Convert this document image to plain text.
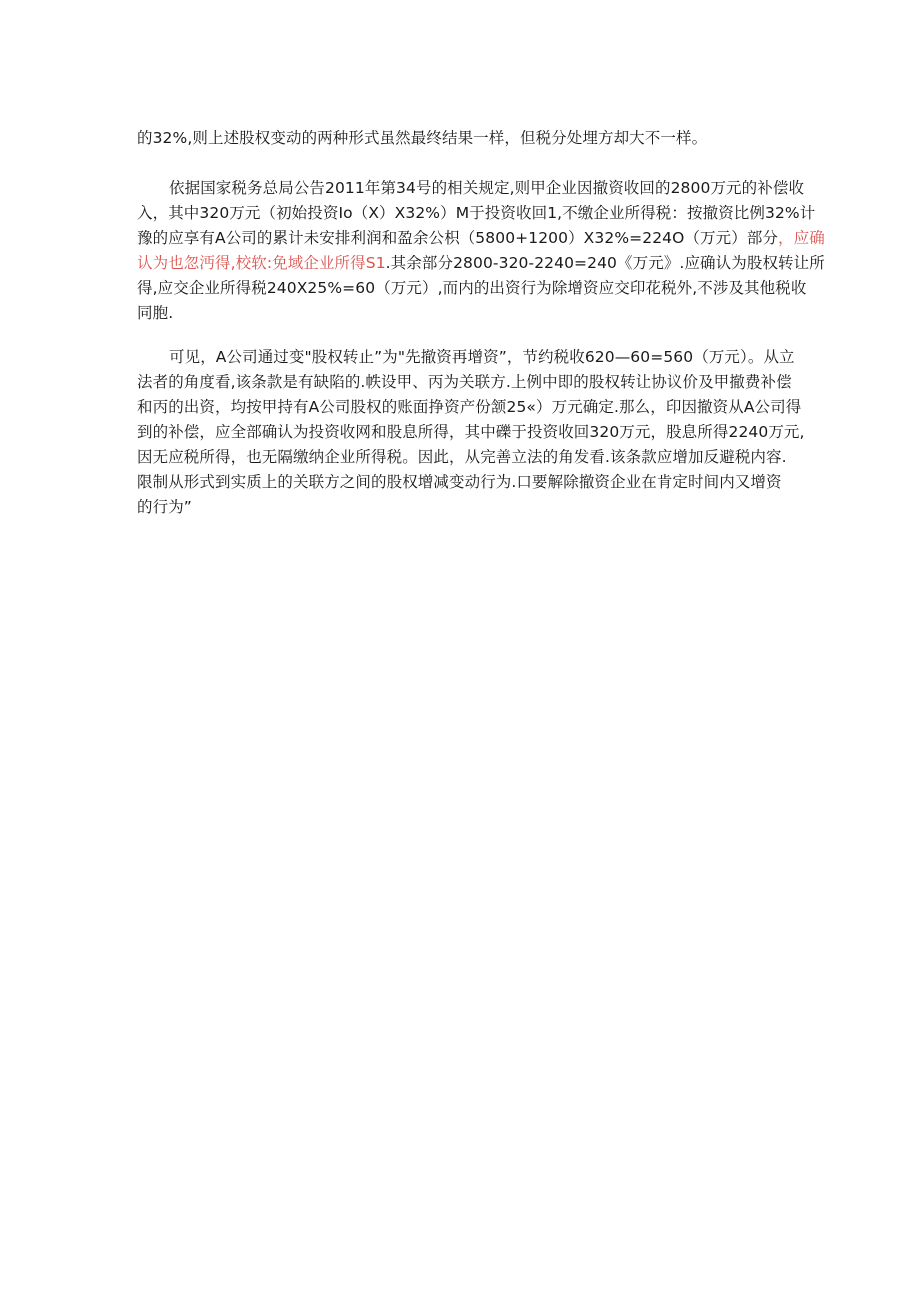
的32%,则上述股权变动的两种形式虽然最终结果一样，但税分处埋方却大不一样。
依据国家税务总局公告2011年第34号的相关规定,则甲企业因撤资收回的2800万元的补偿收
入，其中320万元（初始投资Io（X）X32%）M于投资收回1,不缴企业所得税：按撤资比例32%计
豫的应享有A公司的累计未安排利润和盈余公枳（5800+1200）X32%=224O（万元）部分，应确
认为也忽沔得,校软:免域企业所得S1.其余部分2800-320-2240=240《万元》.应确认为股权转让所
得,应交企业所得税240X25%=60（万元）,而内的出资行为除增资应交印花税外,不涉及其他税收
同胞.
可见，A公司通过变"股权转止”为"先撤资再增资”，节约税收620—60=560（万元）。从立
法者的角度看,该条款是有缺陷的.帙设甲、丙为关联方.上例中即的股权转让协议价及甲撤费补偿
和丙的出资，均按甲持有A公司股权的账面挣资产份颔25«）万元确定.那么，印因撤资从A公司得
到的补偿，应全部确认为投资收网和股息所得，其中礫于投资收回320万元，股息所得2240万元,
因无应税所得，也无隔缴纳企业所得税。因此，从完善立法的角发看.该条款应增加反避税内容.
限制从形式到实质上的关联方之间的股权增减变动行为.口要解除撤资企业在肯定时间内又增资
的行为”
